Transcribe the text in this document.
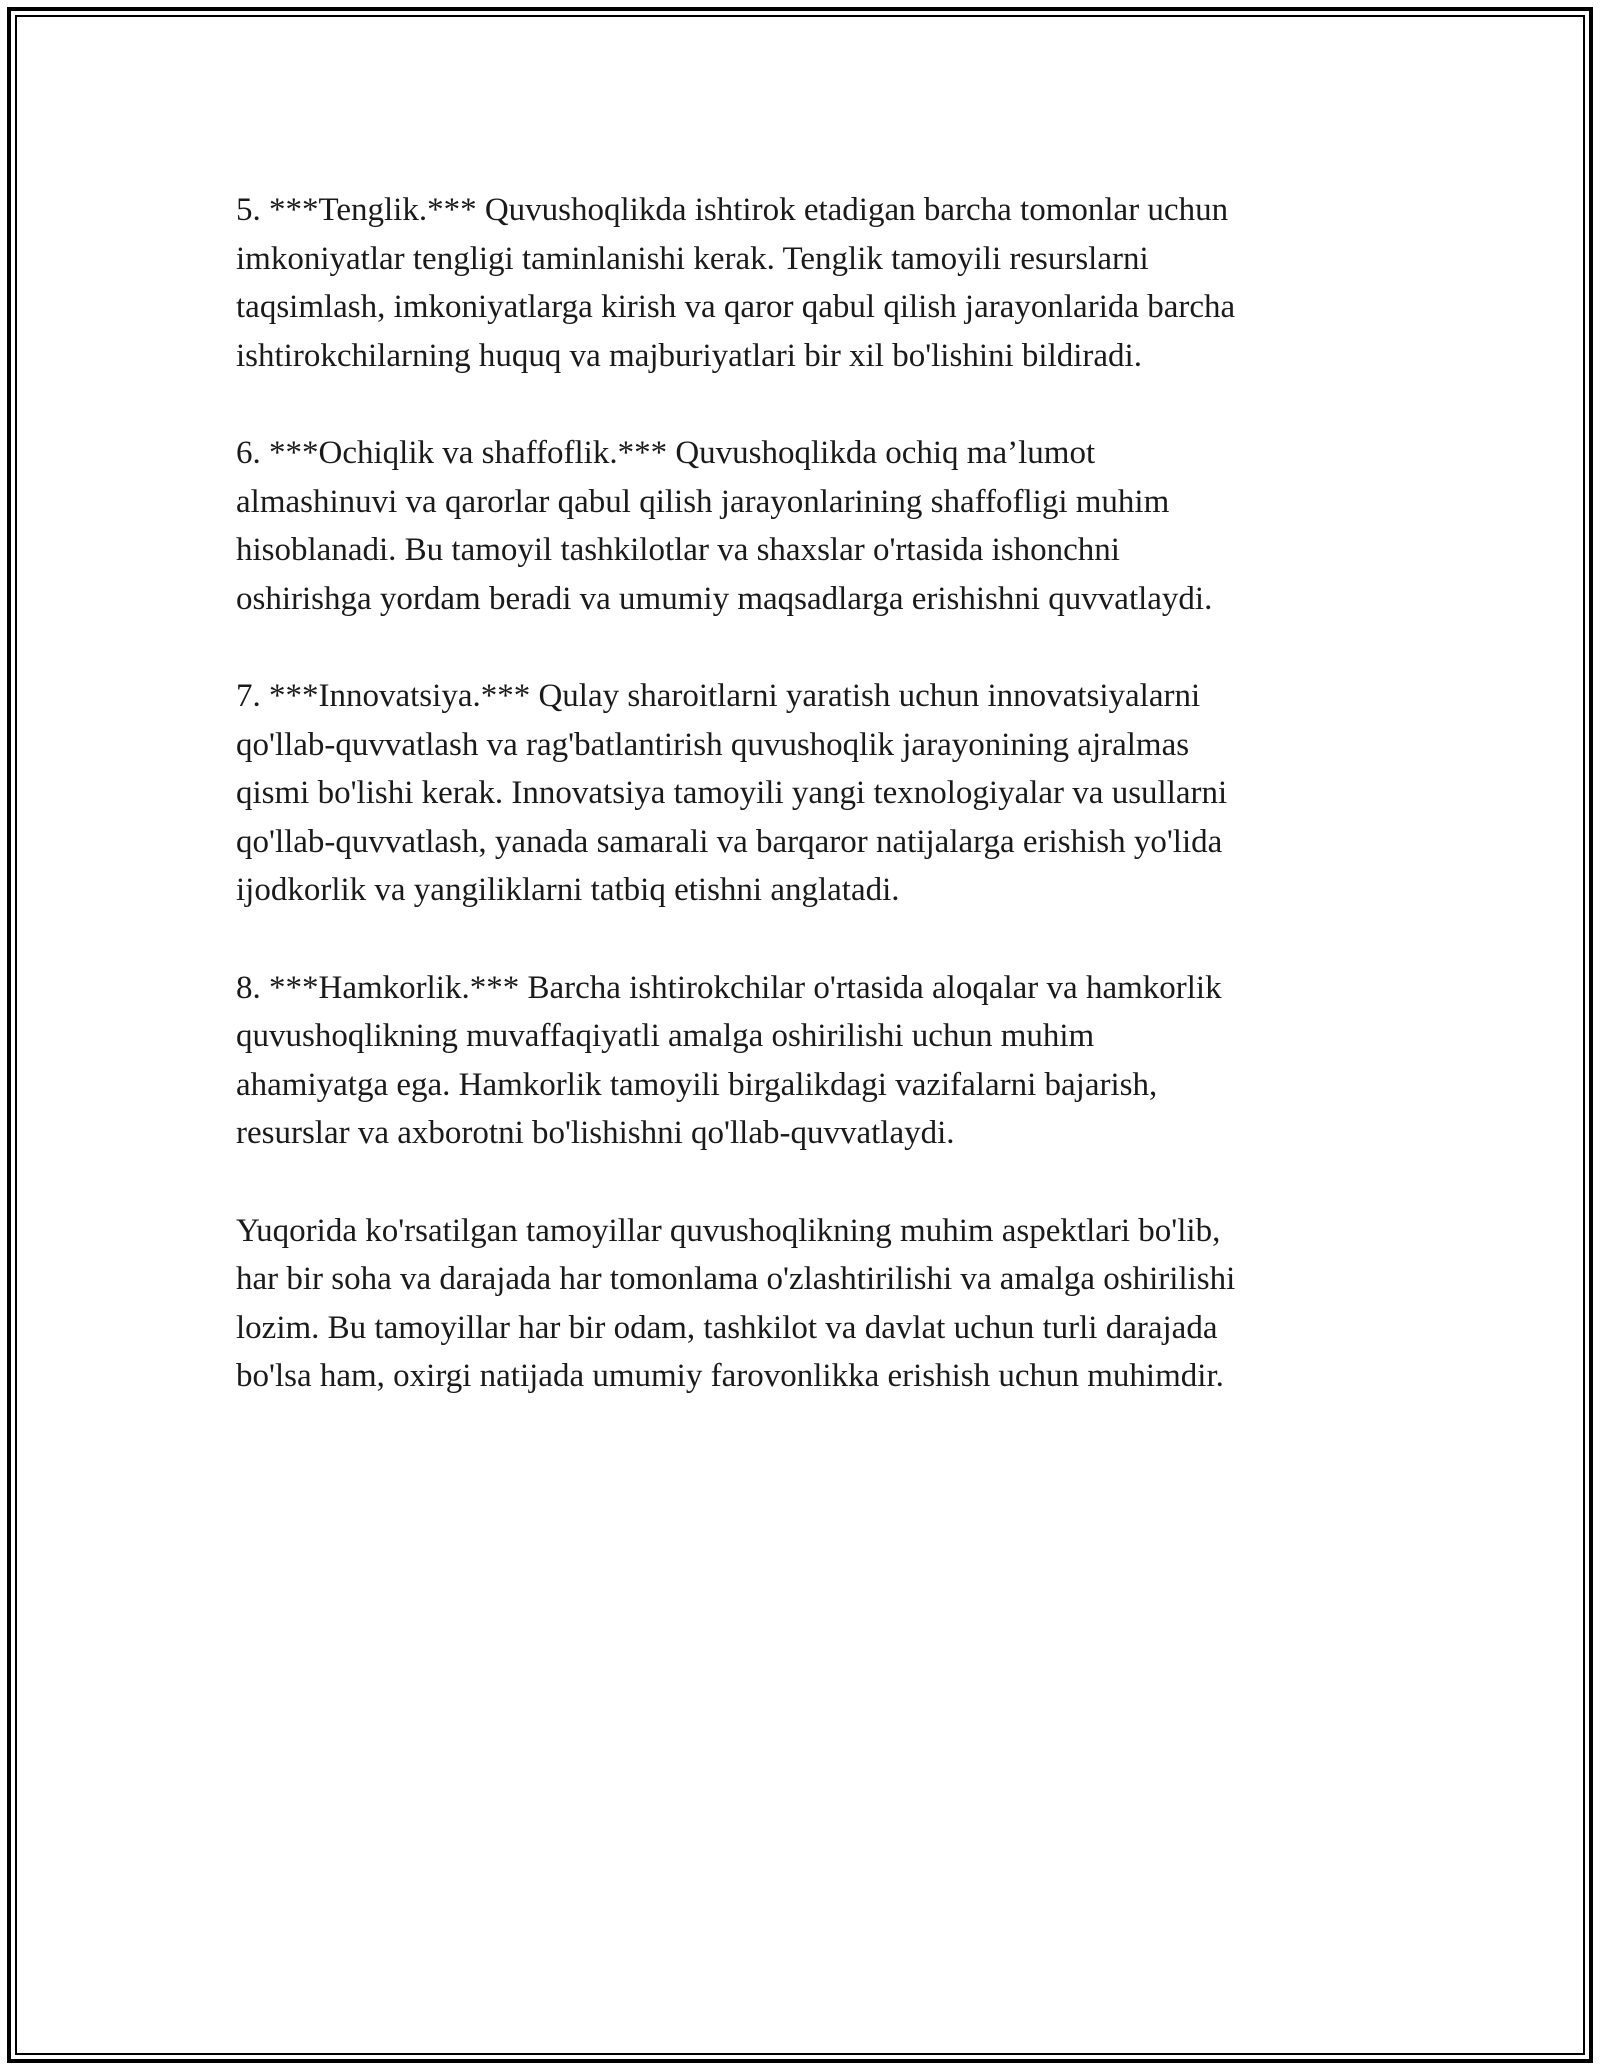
5. ***Tenglik.*** Quvushoqlikda ishtirok etadigan barcha tomonlar uchun
imkoniyatlar tengligi taminlanishi kerak. Tenglik tamoyili resurslarni
taqsimlash, imkoniyatlarga kirish va qaror qabul qilish jarayonlarida barcha
ishtirokchilarning huquq va majburiyatlari bir xil bo'lishini bildiradi.

6. ***Ochiqlik va shaffoflik.*** Quvushoqlikda ochiq ma’lumot
almashinuvi va qarorlar qabul qilish jarayonlarining shaffofligi muhim
hisoblanadi. Bu tamoyil tashkilotlar va shaxslar o'rtasida ishonchni
oshirishga yordam beradi va umumiy maqsadlarga erishishni quvvatlaydi.

7. ***Innovatsiya.*** Qulay sharoitlarni yaratish uchun innovatsiyalarni
qo'llab-quvvatlash va rag'batlantirish quvushoqlik jarayonining ajralmas
qismi bo'lishi kerak. Innovatsiya tamoyili yangi texnologiyalar va usullarni
qo'llab-quvvatlash, yanada samarali va barqaror natijalarga erishish yo'lida
ijodkorlik va yangiliklarni tatbiq etishni anglatadi.

8. ***Hamkorlik.*** Barcha ishtirokchilar o'rtasida aloqalar va hamkorlik
quvushoqlikning muvaffaqiyatli amalga oshirilishi uchun muhim
ahamiyatga ega. Hamkorlik tamoyili birgalikdagi vazifalarni bajarish,
resurslar va axborotni bo'lishishni qo'llab-quvvatlaydi.

Yuqorida ko'rsatilgan tamoyillar quvushoqlikning muhim aspektlari bo'lib,
har bir soha va darajada har tomonlama o'zlashtirilishi va amalga oshirilishi
lozim. Bu tamoyillar har bir odam, tashkilot va davlat uchun turli darajada
bo'lsa ham, oxirgi natijada umumiy farovonlikka erishish uchun muhimdir.
